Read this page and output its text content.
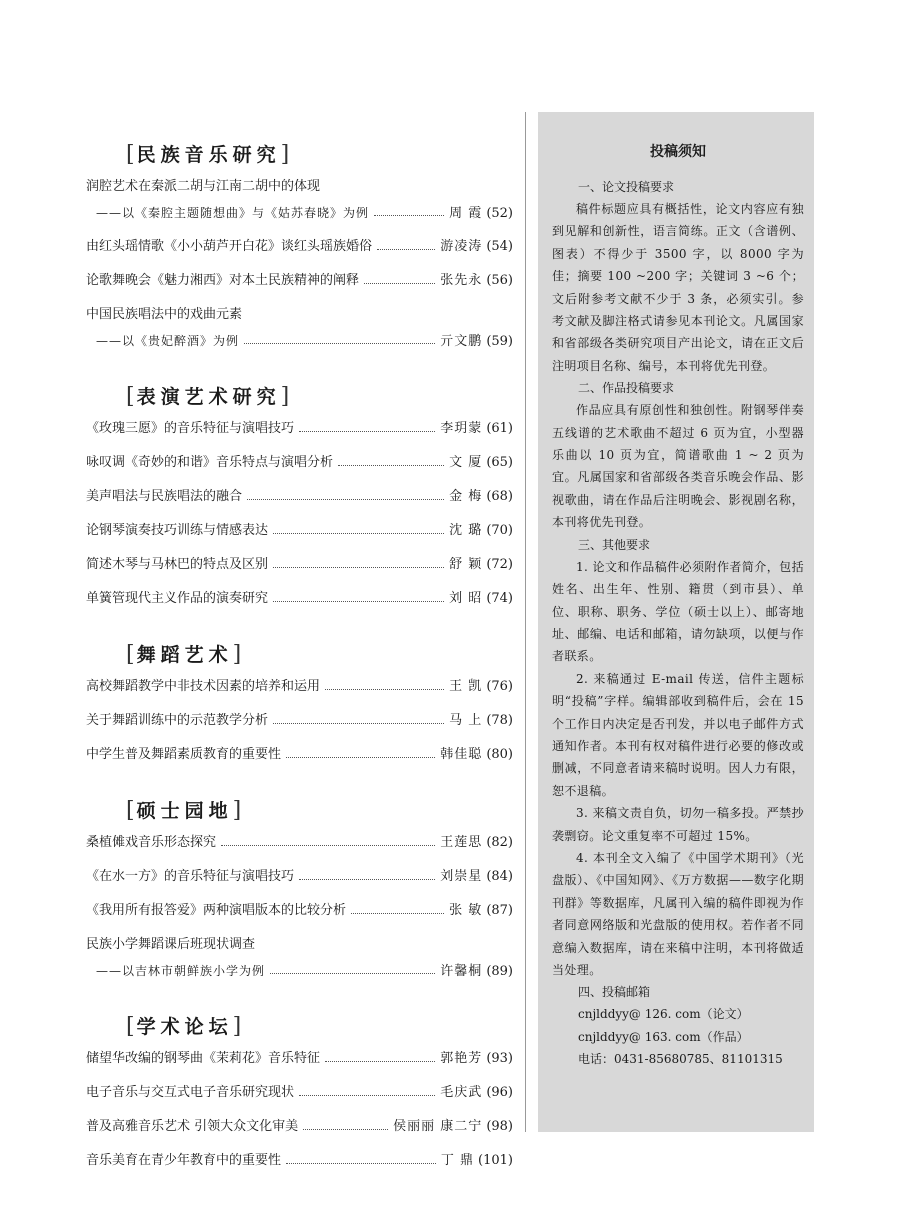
[民族音乐研究]
润腔艺术在秦派二胡与江南二胡中的体现
——以《秦腔主题随想曲》与《姑苏春晓》为例	周 霞 (52)
由红头瑶情歌《小小葫芦开白花》谈红头瑶族婚俗	游凌涛 (54)
论歌舞晚会《魅力湘西》对本土民族精神的阐释	张先永 (56)
中国民族唱法中的戏曲元素
——以《贵妃醉酒》为例	亓文鹏 (59)
[表演艺术研究]
《玫瑰三愿》的音乐特征与演唱技巧	李玥蒙 (61)
咏叹调《奇妙的和谐》音乐特点与演唱分析	文 厦 (65)
美声唱法与民族唱法的融合	金 梅 (68)
论钢琴演奏技巧训练与情感表达	沈 璐 (70)
简述木琴与马林巴的特点及区别	舒 颖 (72)
单簧管现代主义作品的演奏研究	刘 昭 (74)
[舞蹈艺术]
高校舞蹈教学中非技术因素的培养和运用	王 凯 (76)
关于舞蹈训练中的示范教学分析	马 上 (78)
中学生普及舞蹈素质教育的重要性	韩佳聪 (80)
[硕士园地]
桑植傩戏音乐形态探究	王莲思 (82)
《在水一方》的音乐特征与演唱技巧	刘崇星 (84)
《我用所有报答爱》两种演唱版本的比较分析	张 敏 (87)
民族小学舞蹈课后班现状调查
——以吉林市朝鲜族小学为例	许馨桐 (89)
[学术论坛]
储望华改编的钢琴曲《茉莉花》音乐特征	郭艳芳 (93)
电子音乐与交互式电子音乐研究现状	毛庆武 (96)
普及高雅音乐艺术 引领大众文化审美	侯丽丽 康二宁 (98)
音乐美育在青少年教育中的重要性	丁 鼎 (101)
投稿须知
一、论文投稿要求
稿件标题应具有概括性，论文内容应有独到见解和创新性，语言简练。正文（含谱例、图表）不得少于 3500 字，以 8000 字为佳；摘要 100 ~200 字；关键词 3 ~6 个；文后附参考文献不少于 3 条，必须实引。参考文献及脚注格式请参见本刊论文。凡属国家和省部级各类研究项目产出论文，请在正文后注明项目名称、编号，本刊将优先刊登。
二、作品投稿要求
作品应具有原创性和独创性。附钢琴伴奏五线谱的艺术歌曲不超过 6 页为宜，小型器乐曲以 10 页为宜，简谱歌曲 1 ~ 2 页为宜。凡属国家和省部级各类音乐晚会作品、影视歌曲，请在作品后注明晚会、影视剧名称，本刊将优先刊登。
三、其他要求
1. 论文和作品稿件必须附作者简介，包括姓名、出生年、性别、籍贯（到市县）、单位、职称、职务、学位（硕士以上）、邮寄地址、邮编、电话和邮箱，请勿缺项，以便与作者联系。
2. 来稿通过 E-mail 传送，信件主题标明“投稿”字样。编辑部收到稿件后，会在 15 个工作日内决定是否刊发，并以电子邮件方式通知作者。本刊有权对稿件进行必要的修改或删减，不同意者请来稿时说明。因人力有限，恕不退稿。
3. 来稿文责自负，切勿一稿多投。严禁抄袭剽窃。论文重复率不可超过 15%。
4. 本刊全文入编了《中国学术期刊》（光盘版）、《中国知网》、《万方数据——数字化期刊群》等数据库，凡属刊入编的稿件即视为作者同意网络版和光盘版的使用权。若作者不同意编入数据库，请在来稿中注明，本刊将做适当处理。
四、投稿邮箱
cnjlddyy@ 126. com（论文）
cnjlddyy@ 163. com（作品）
电话：0431-85680785、81101315
